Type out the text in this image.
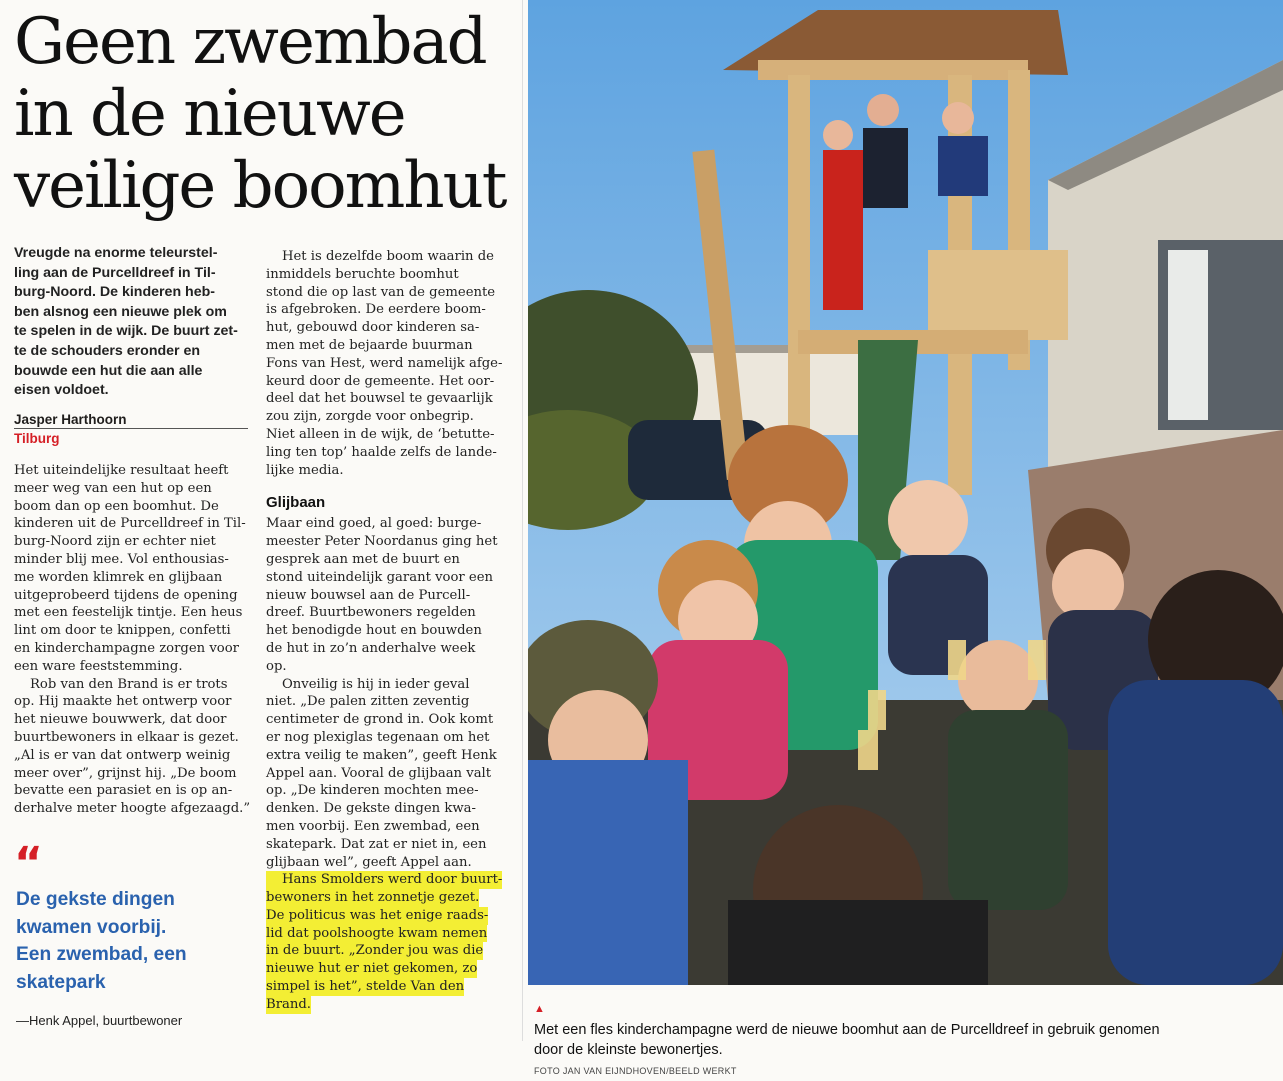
Geen zwembad
in de nieuwe
veilige boomhut

Vreugde na enorme teleurstel-
ling aan de Purcelldreef in Til-
burg-Noord. De kinderen heb-
ben alsnog een nieuwe plek om
te spelen in de wijk. De buurt zet-
te de schouders eronder en
bouwde een hut die aan alle
eisen voldoet.

Jasper Harthoorn
Tilburg

Het uiteindelijke resultaat heeft
meer weg van een hut op een
boom dan op een boomhut. De
kinderen uit de Purcelldreef in Til-
burg-Noord zijn er echter niet
minder blij mee. Vol enthousias-
me worden klimrek en glijbaan
uitgeprobeerd tijdens de opening
met een feestelijk tintje. Een heus
lint om door te knippen, confetti
en kinderchampagne zorgen voor
een ware feeststemming.

Rob van den Brand is er trots
op. Hij maakte het ontwerp voor
het nieuwe bouwwerk, dat door
buurtbewoners in elkaar is gezet.
„Al is er van dat ontwerp weinig
meer over”, grijnst hij. „De boom
bevatte een parasiet en is op an-
derhalve meter hoogte afgezaagd.”

“

De gekste dingen
kwamen voorbij.
Een zwembad, een
skatepark

—Henk Appel, buurtbewoner

Het is dezelfde boom waarin de
inmiddels beruchte boomhut
stond die op last van de gemeente
is afgebroken. De eerdere boom-
hut, gebouwd door kinderen sa-
men met de bejaarde buurman
Fons van Hest, werd namelijk afge-
keurd door de gemeente. Het oor-
deel dat het bouwsel te gevaarlijk
zou zijn, zorgde voor onbegrip.
Niet alleen in de wijk, de ‘betutte-
ling ten top’ haalde zelfs de lande-
lijke media.

Glijbaan

Maar eind goed, al goed: burge-
meester Peter Noordanus ging het
gesprek aan met de buurt en
stond uiteindelijk garant voor een
nieuw bouwsel aan de Purcell-
dreef. Buurtbewoners regelden
het benodigde hout en bouwden
de hut in zo’n anderhalve week
op.

Onveilig is hij in ieder geval
niet. „De palen zitten zeventig
centimeter de grond in. Ook komt
er nog plexiglas tegenaan om het
extra veilig te maken”, geeft Henk
Appel aan. Vooral de glijbaan valt
op. „De kinderen mochten mee-
denken. De gekste dingen kwa-
men voorbij. Een zwembad, een
skatepark. Dat zat er niet in, een
glijbaan wel”, geeft Appel aan.

Hans Smolders werd door buurt-
bewoners in het zonnetje gezet.
De politicus was het enige raads-
lid dat poolshoogte kwam nemen
in de buurt. „Zonder jou was die
nieuwe hut er niet gekomen, zo
simpel is het”, stelde Van den
Brand.	▲
Met een fles kinderchampagne werd de nieuwe boomhut aan de Purcelldreef in gebruik genomen
door de kleinste bewonertjes.
FOTO JAN VAN EIJNDHOVEN/BEELD WERKT
